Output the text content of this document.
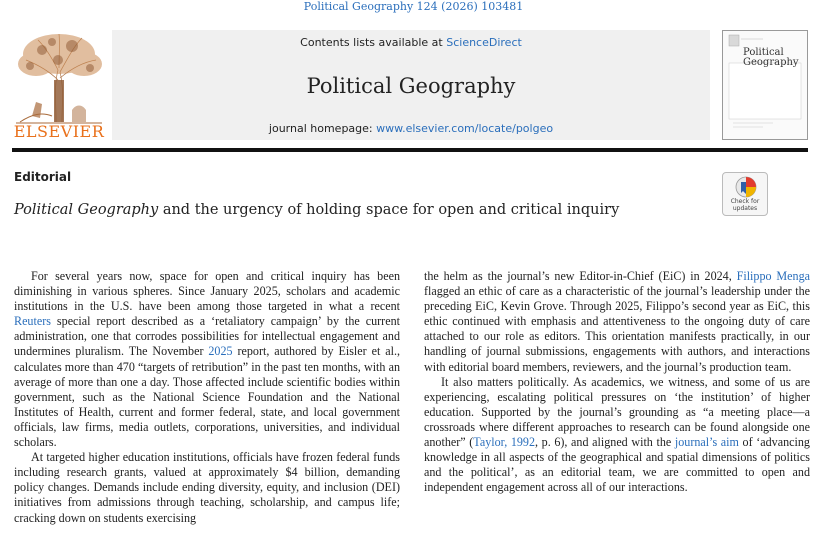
Political Geography 124 (2026) 103481
ELSEVIER
Contents lists available at ScienceDirect
Political Geography
journal homepage: www.elsevier.com/locate/polgeo
Political
Geography
Editorial
Political Geography and the urgency of holding space for open and critical inquiry
Check for
updates

For several years now, space for open and critical inquiry has been diminishing in various spheres. Since January 2025, scholars and academic institutions in the U.S. have been among those targeted in what a recent Reuters special report described as a ‘retaliatory campaign’ by the current administration, one that corrodes possibilities for intellectual engagement and undermines pluralism. The November 2025 report, authored by Eisler et al., calculates more than 470 “targets of retribution” in the past ten months, with an average of more than one a day. Those affected include scientific bodies within government, such as the National Science Foundation and the National Institutes of Health, current and former federal, state, and local government officials, law firms, media outlets, corporations, universities, and individual scholars.

At targeted higher education institutions, officials have frozen federal funds including research grants, valued at approximately $4 billion, demanding policy changes. Demands include ending diversity, equity, and inclusion (DEI) initiatives from admissions through teaching, scholarship, and campus life; cracking down on students exercising

the helm as the journal’s new Editor-in-Chief (EiC) in 2024, Filippo Menga flagged an ethic of care as a characteristic of the journal’s leadership under the preceding EiC, Kevin Grove. Through 2025, Filippo’s second year as EiC, this ethic continued with emphasis and attentiveness to the ongoing duty of care attached to our role as editors. This orientation manifests practically, in our handling of journal submissions, engagements with authors, and interactions with editorial board members, reviewers, and the journal’s production team.

It also matters politically. As academics, we witness, and some of us are experiencing, escalating political pressures on ‘the institution’ of higher education. Supported by the journal’s grounding as “a meeting place—a crossroads where different approaches to research can be found alongside one another” (Taylor, 1992, p. 6), and aligned with the journal’s aim of ‘advancing knowledge in all aspects of the geographical and spatial dimensions of politics and the political’, as an editorial team, we are committed to open and independent engagement across all of our interactions.
